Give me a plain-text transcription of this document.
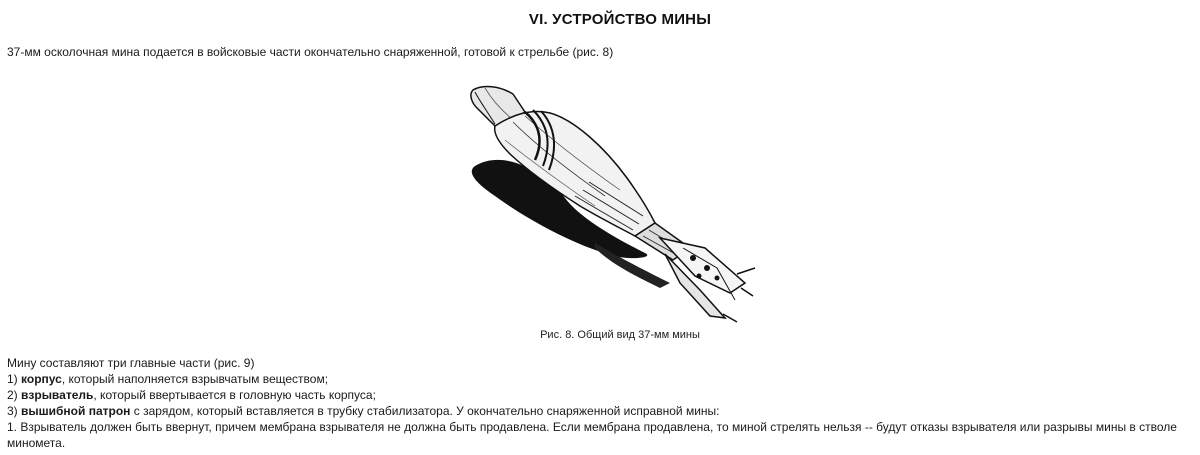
VI. УСТРОЙСТВО МИНЫ

37-мм осколочная мина подается в войсковые части окончательно снаряженной, готовой к стрельбе (рис. 8)

Рис. 8. Общий вид 37-мм мины

Мину составляют три главные части (рис. 9)

1) корпус, который наполняется взрывчатым веществом;

2) взрыватель, который ввертывается в головную часть корпуса;

3) вышибной патрон с зарядом, который вставляется в трубку стабилизатора. У окончательно снаряженной исправной мины:

1. Взрыватель должен быть ввернут, причем мембрана взрывателя не должна быть продавлена. Если мембрана продавлена, то миной стрелять нельзя -- будут отказы взрывателя или разрывы мины в стволе миномета.
